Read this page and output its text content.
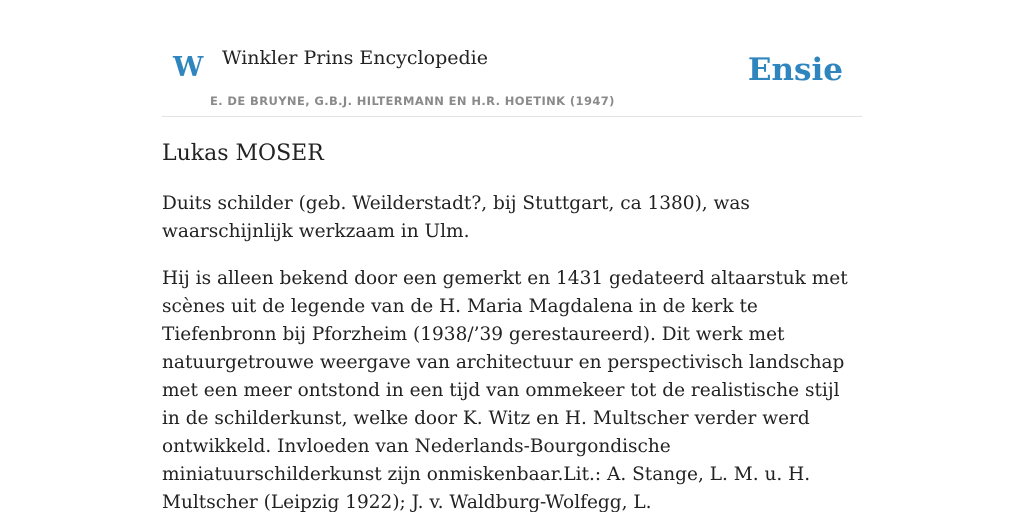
W Winkler Prins Encyclopedie
E. DE BRUYNE, G.B.J. HILTERMANN EN H.R. HOETINK (1947)
Ensie
Lukas MOSER

Duits schilder (geb. Weilderstadt?, bij Stuttgart, ca 1380), was waarschijnlijk werkzaam in Ulm.

Hij is alleen bekend door een gemerkt en 1431 gedateerd altaarstuk met scènes uit de legende van de H. Maria Magdalena in de kerk te Tiefenbronn bij Pforzheim (1938/’39 gerestaureerd). Dit werk met natuurgetrouwe weergave van architectuur en perspectivisch landschap met een meer ontstond in een tijd van ommekeer tot de realistische stijl in de schilderkunst, welke door K. Witz en H. Multscher verder werd ontwikkeld. Invloeden van Nederlands-Bourgondische miniatuurschilderkunst zijn onmiskenbaar.Lit.: A. Stange, L. M. u. H. Multscher (Leipzig 1922); J. v. Waldburg-Wolfegg, L.
